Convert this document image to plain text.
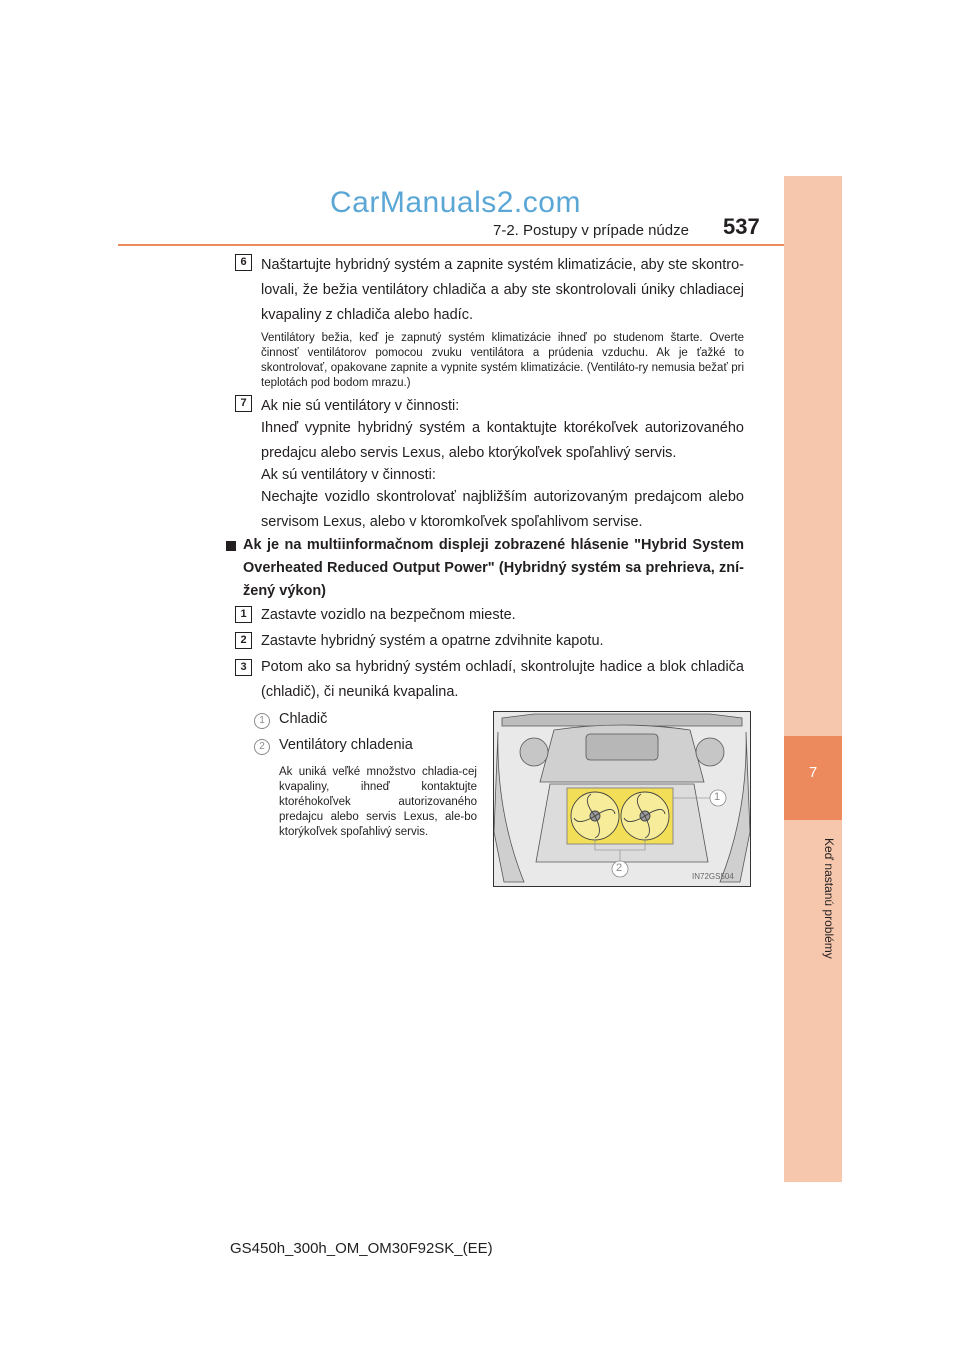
7
Keď nastanú problémy
CarManuals2.com
7-2. Postupy v prípade núdze 537
6 Naštartujte hybridný systém a zapnite systém klimatizácie, aby ste skontro-lovali, že bežia ventilátory chladiča a aby ste skontrolovali úniky chladiacej kvapaliny z chladiča alebo hadíc.
Ventilátory bežia, keď je zapnutý systém klimatizácie ihneď po studenom štarte. Overte činnosť ventilátorov pomocou zvuku ventilátora a prúdenia vzduchu. Ak je ťažké to skontrolovať, opakovane zapnite a vypnite systém klimatizácie. (Ventiláto-ry nemusia bežať pri teplotách pod bodom mrazu.)
7 Ak nie sú ventilátory v činnosti:
Ihneď vypnite hybridný systém a kontaktujte ktorékoľvek autorizovaného predajcu alebo servis Lexus, alebo ktorýkoľvek spoľahlivý servis.
Ak sú ventilátory v činnosti:
Nechajte vozidlo skontrolovať najbližším autorizovaným predajcom alebo servisom Lexus, alebo v ktoromkoľvek spoľahlivom servise.
Ak je na multiinformačnom displeji zobrazené hlásenie "Hybrid System Overheated Reduced Output Power" (Hybridný systém sa prehrieva, zní-žený výkon)
1 Zastavte vozidlo na bezpečnom mieste.
2 Zastavte hybridný systém a opatrne zdvihnite kapotu.
3 Potom ako sa hybridný systém ochladí, skontrolujte hadice a blok chladiča (chladič), či neuniká kvapalina.
1 Chladič
2 Ventilátory chladenia
Ak uniká veľké množstvo chladia-cej kvapaliny, ihneď kontaktujte ktoréhokoľvek autorizovaného predajcu alebo servis Lexus, ale-bo ktorýkoľvek spoľahlivý servis.
1
2
IN72GS504
GS450h_300h_OM_OM30F92SK_(EE)
